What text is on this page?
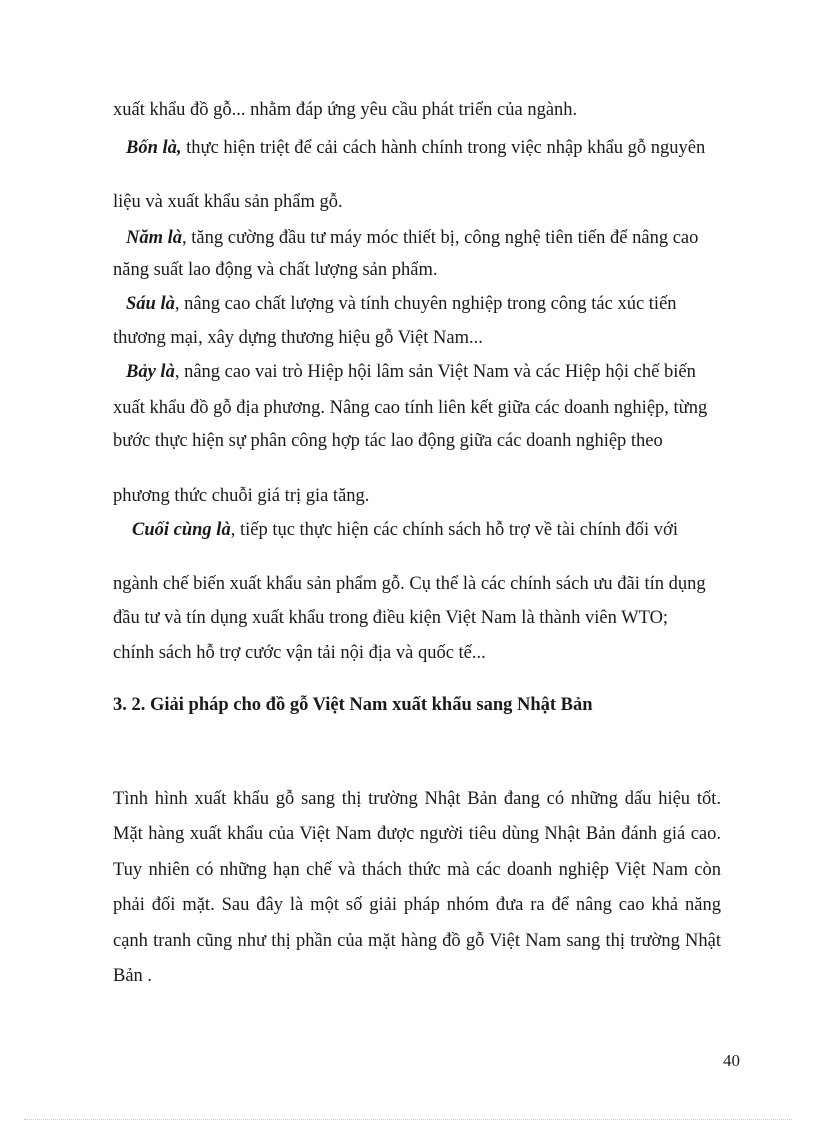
xuất khẩu đồ gỗ... nhằm đáp ứng yêu cầu phát triển của ngành.
Bốn là, thực hiện triệt để cải cách hành chính trong việc nhập khẩu gỗ nguyên
liệu và xuất khẩu sản phẩm gỗ.
Năm là, tăng cường đầu tư máy móc thiết bị, công nghệ tiên tiến để nâng cao
năng suất lao động và chất lượng sản phẩm.
Sáu là, nâng cao chất lượng và tính chuyên nghiệp trong công tác xúc tiến
thương mại, xây dựng thương hiệu gỗ Việt Nam...
Bảy là, nâng cao vai trò Hiệp hội lâm sản Việt Nam và các Hiệp hội chế biến
xuất khẩu đồ gỗ địa phương. Nâng cao tính liên kết giữa các doanh nghiệp, từng
bước thực hiện sự phân công hợp tác lao động giữa các doanh nghiệp theo
phương thức chuỗi giá trị gia tăng.
Cuối cùng là, tiếp tục thực hiện các chính sách hỗ trợ về tài chính đối với
ngành chế biến xuất khẩu sản phẩm gỗ. Cụ thể là các chính sách ưu đãi tín dụng
đầu tư và tín dụng xuất khẩu trong điều kiện Việt Nam là thành viên WTO;
chính sách hỗ trợ cước vận tải nội địa và quốc tế...
3. 2. Giải pháp cho đồ gỗ Việt Nam xuất khẩu sang Nhật Bản
Tình hình xuất khẩu gỗ sang thị trường Nhật Bản đang có những dấu hiệu tốt. Mặt hàng xuất khẩu của Việt Nam được người tiêu dùng Nhật Bản đánh giá cao. Tuy nhiên có những hạn chế và thách thức mà các doanh nghiệp Việt Nam còn phải đối mặt. Sau đây là một số giải pháp nhóm đưa ra để nâng cao khả năng cạnh tranh cũng như thị phần của mặt hàng đồ gỗ Việt Nam sang thị trường Nhật Bản .
40
